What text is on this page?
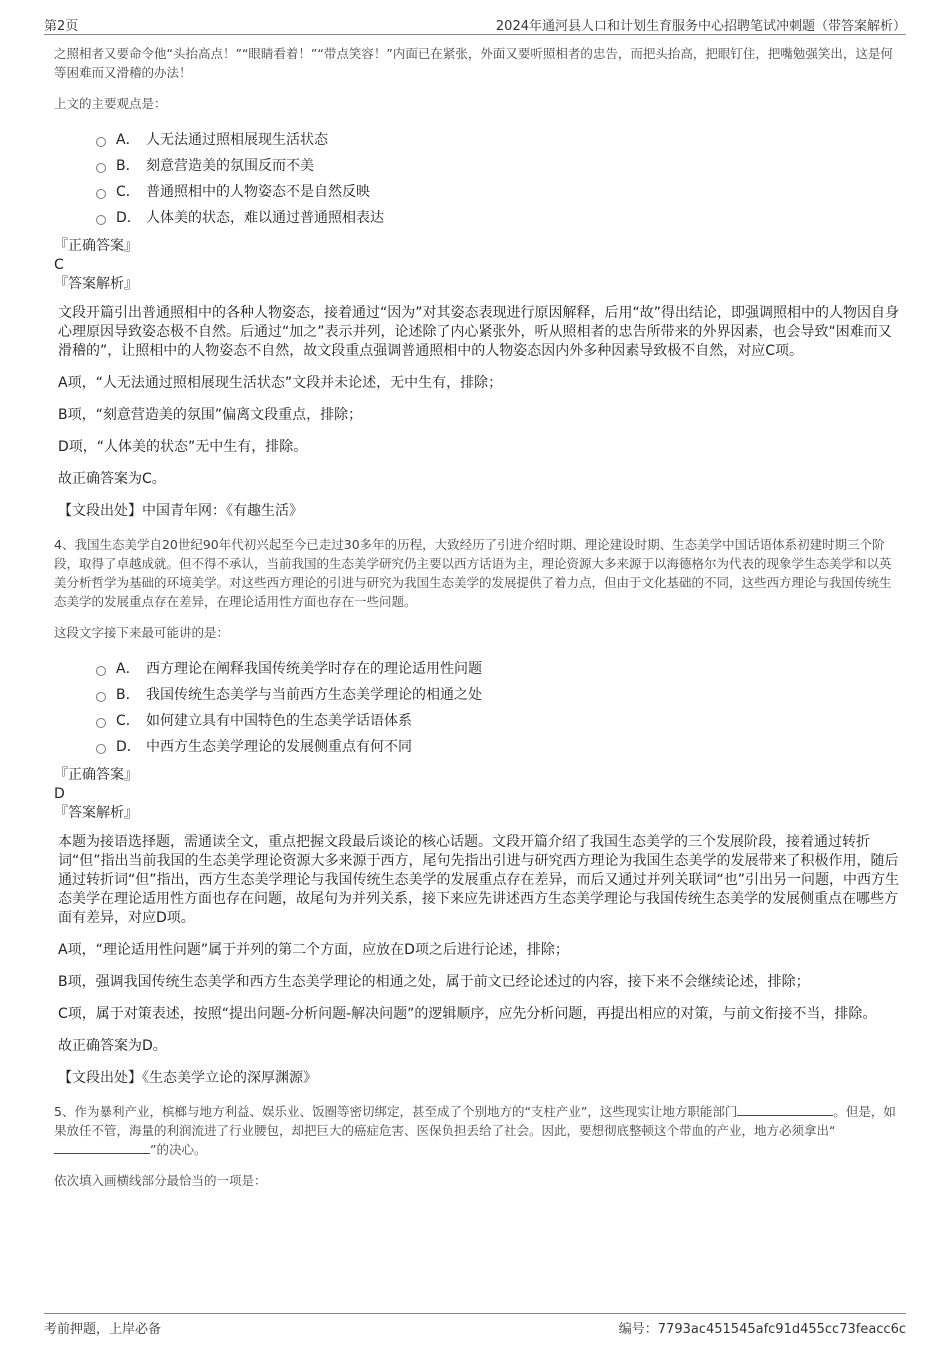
第2页	2024年通河县人口和计划生育服务中心招聘笔试冲刺题（带答案解析）

之照相者又要命令他“头抬高点！”“眼睛看着！”“带点笑容！”内面已在紧张，外面又要听照相者的忠告，而把头抬高，把眼钉住，把嘴勉强笑出，这是何等困难而又滑稽的办法！

上文的主要观点是：

A． 人无法通过照相展现生活状态
B． 刻意营造美的氛围反而不美
C． 普通照相中的人物姿态不是自然反映
D． 人体美的状态，难以通过普通照相表达

『正确答案』

C

『答案解析』

文段开篇引出普通照相中的各种人物姿态，接着通过“因为”对其姿态表现进行原因解释，后用“故”得出结论，即强调照相中的人物因自身心理原因导致姿态极不自然。后通过“加之”表示并列，论述除了内心紧张外，听从照相者的忠告所带来的外界因素，也会导致“困难而又滑稽的”，让照相中的人物姿态不自然，故文段重点强调普通照相中的人物姿态因内外多种因素导致极不自然，对应C项。

A项，“人无法通过照相展现生活状态”文段并未论述，无中生有，排除；

B项，“刻意营造美的氛围”偏离文段重点，排除；

D项，“人体美的状态”无中生有，排除。

故正确答案为C。

【文段出处】中国青年网：《有趣生活》

4、我国生态美学自20世纪90年代初兴起至今已走过30多年的历程，大致经历了引进介绍时期、理论建设时期、生态美学中国话语体系初建时期三个阶段，取得了卓越成就。但不得不承认，当前我国的生态美学研究仍主要以西方话语为主，理论资源大多来源于以海德格尔为代表的现象学生态美学和以英美分析哲学为基础的环境美学。对这些西方理论的引进与研究为我国生态美学的发展提供了着力点，但由于文化基础的不同，这些西方理论与我国传统生态美学的发展重点存在差异，在理论适用性方面也存在一些问题。

这段文字接下来最可能讲的是：

A． 西方理论在阐释我国传统美学时存在的理论适用性问题
B． 我国传统生态美学与当前西方生态美学理论的相通之处
C． 如何建立具有中国特色的生态美学话语体系
D． 中西方生态美学理论的发展侧重点有何不同

『正确答案』

D

『答案解析』

本题为接语选择题，需通读全文，重点把握文段最后谈论的核心话题。文段开篇介绍了我国生态美学的三个发展阶段，接着通过转折词“但”指出当前我国的生态美学理论资源大多来源于西方，尾句先指出引进与研究西方理论为我国生态美学的发展带来了积极作用，随后通过转折词“但”指出，西方生态美学理论与我国传统生态美学的发展重点存在差异，而后又通过并列关联词“也”引出另一问题，中西方生态美学在理论适用性方面也存在问题，故尾句为并列关系，接下来应先讲述西方生态美学理论与我国传统生态美学的发展侧重点在哪些方面有差异，对应D项。

A项，“理论适用性问题”属于并列的第二个方面，应放在D项之后进行论述，排除；

B项，强调我国传统生态美学和西方生态美学理论的相通之处，属于前文已经论述过的内容，接下来不会继续论述，排除；

C项，属于对策表述，按照“提出问题-分析问题-解决问题”的逻辑顺序，应先分析问题，再提出相应的对策，与前文衔接不当，排除。

故正确答案为D。

【文段出处】《生态美学立论的深厚渊源》

5、作为暴利产业，槟榔与地方利益、娱乐业、饭圈等密切绑定，甚至成了个别地方的“支柱产业”，这些现实让地方职能部门	。但是，如果放任不管，海量的利润流进了行业腰包，却把巨大的癌症危害、医保负担丢给了社会。因此，要想彻底整顿这个带血的产业，地方必须拿出“”的决心。

依次填入画横线部分最恰当的一项是：

考前押题，上岸必备	编号：7793ac451545afc91d455cc73feacc6c
